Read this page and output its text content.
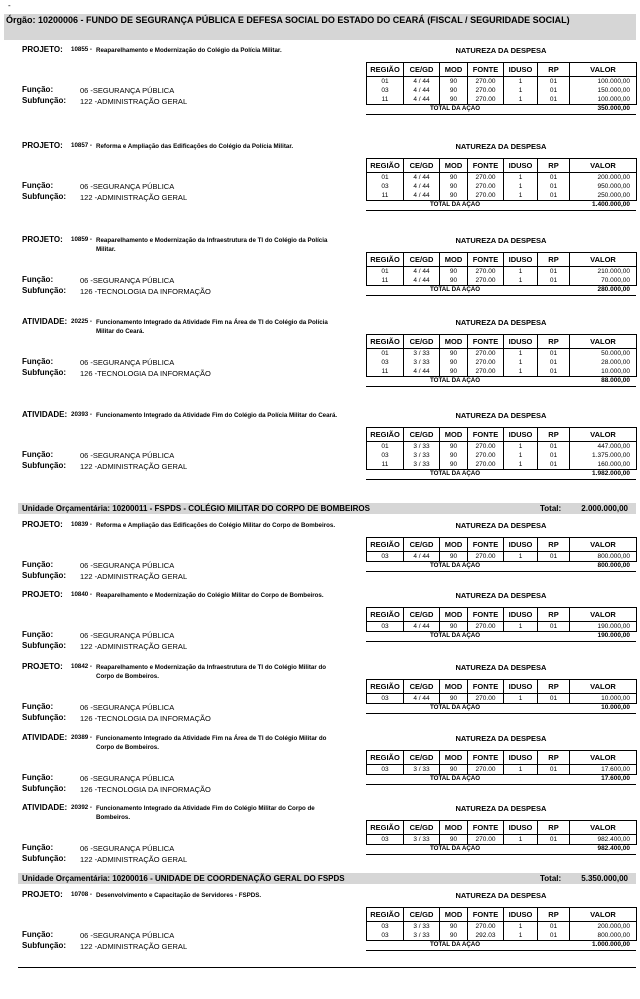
-
Órgão: 10200006 - FUNDO DE SEGURANÇA PÚBLICA E DEFESA SOCIAL DO ESTADO DO CEARÁ (FISCAL / SEGURIDADE SOCIAL)
Unidade Orçamentária: 10200011 - FSPDS - COLÉGIO MILITAR DO CORPO DE BOMBEIROS	Total:	2.000.000,00
Unidade Orçamentária: 10200016 - UNIDADE DE COORDENAÇÃO GERAL DO FSPDS	Total:	5.350.000,00
PROJETO: 10855 - Reaparelhamento e Modernização do Colégio da Polícia Militar.	NATUREZA DA DESPESA
REGIÃO	CE/GD	MOD	FONTE	IDUSO	RP	VALOR
01	4 / 44	90	270.00	1	01	100.000,00
03	4 / 44	90	270.00	1	01	150.000,00
11	4 / 44	90	270.00	1	01	100.000,00
TOTAL DA AÇÃO	350.000,00
Função:	06 -SEGURANÇA PÚBLICA
Subfunção: 122 -ADMINISTRAÇÃO GERAL
PROJETO: 10857 - Reforma e Ampliação das Edificações do Colégio da Polícia Militar.	NATUREZA DA DESPESA
REGIÃO	CE/GD	MOD	FONTE	IDUSO	RP	VALOR
01	4 / 44	90	270.00	1	01	200.000,00
03	4 / 44	90	270.00	1	01	950.000,00
11	4 / 44	90	270.00	1	01	250.000,00
TOTAL DA AÇÃO	1.400.000,00
Função:	06 -SEGURANÇA PÚBLICA
Subfunção: 122 -ADMINISTRAÇÃO GERAL
PROJETO: 10859 - Reaparelhamento e Modernização da Infraestrutura de TI do Colégio da Polícia Militar.
NATUREZA DA DESPESA
REGIÃO	CE/GD	MOD	FONTE	IDUSO	RP	VALOR
01	4 / 44	90	270.00	1	01	210.000,00
11	4 / 44	90	270.00	1	01	70.000,00
TOTAL DA AÇÃO	280.000,00
Função:	06 -SEGURANÇA PÚBLICA
Subfunção: 126 -TECNOLOGIA DA INFORMAÇÃO
ATIVIDADE: 20225 - Funcionamento Integrado da Atividade Fim na Área de TI do Colégio da Polícia Militar do Ceará.
NATUREZA DA DESPESA
REGIÃO	CE/GD	MOD	FONTE	IDUSO	RP	VALOR
01	3 / 33	90	270.00	1	01	50.000,00
03	3 / 33	90	270.00	1	01	28.000,00
11	4 / 44	90	270.00	1	01	10.000,00
TOTAL DA AÇÃO	88.000,00
Função:	06 -SEGURANÇA PÚBLICA
Subfunção: 126 -TECNOLOGIA DA INFORMAÇÃO
ATIVIDADE: 20393 - Funcionamento Integrado da Atividade Fim do Colégio da Polícia Militar do Ceará.	NATUREZA DA DESPESA
REGIÃO	CE/GD	MOD	FONTE	IDUSO	RP	VALOR
01	3 / 33	90	270.00	1	01	447.000,00
03	3 / 33	90	270.00	1	01	1.375.000,00
11	3 / 33	90	270.00	1	01	160.000,00
TOTAL DA AÇÃO	1.982.000,00
Função:	06 -SEGURANÇA PÚBLICA
Subfunção: 122 -ADMINISTRAÇÃO GERAL
PROJETO: 10839 - Reforma e Ampliação das Edificações do Colégio Militar do Corpo de Bombeiros.	NATUREZA DA DESPESA
REGIÃO	CE/GD	MOD	FONTE	IDUSO	RP	VALOR
03	4 / 44	90	270.00	1	01	800.000,00
TOTAL DA AÇÃO	800.000,00
Função:	06 -SEGURANÇA PÚBLICA
Subfunção: 122 -ADMINISTRAÇÃO GERAL
PROJETO: 10840 - Reaparelhamento e Modernização do Colégio Militar do Corpo de Bombeiros.	NATUREZA DA DESPESA
REGIÃO	CE/GD	MOD	FONTE	IDUSO	RP	VALOR
03	4 / 44	90	270.00	1	01	190.000,00
TOTAL DA AÇÃO	190.000,00
Função:	06 -SEGURANÇA PÚBLICA
Subfunção: 122 -ADMINISTRAÇÃO GERAL
PROJETO: 10842 - Reaparelhamento e Modernização da Infraestrutura de TI do Colégio Militar do Corpo de Bombeiros.
NATUREZA DA DESPESA
REGIÃO	CE/GD	MOD	FONTE	IDUSO	RP	VALOR
03	4 / 44	90	270.00	1	01	10.000,00
TOTAL DA AÇÃO	10.000,00
Função:	06 -SEGURANÇA PÚBLICA
Subfunção: 126 -TECNOLOGIA DA INFORMAÇÃO
ATIVIDADE: 20389 - Funcionamento Integrado da Atividade Fim na Área de TI do Colégio Militar do Corpo de Bombeiros.
NATUREZA DA DESPESA
REGIÃO	CE/GD	MOD	FONTE	IDUSO	RP	VALOR
03	3 / 33	90	270.00	1	01	17.600,00
TOTAL DA AÇÃO	17.600,00
Função:	06 -SEGURANÇA PÚBLICA
Subfunção: 126 -TECNOLOGIA DA INFORMAÇÃO
ATIVIDADE: 20392 - Funcionamento Integrado da Atividade Fim do Colégio Militar do Corpo de Bombeiros.
NATUREZA DA DESPESA
REGIÃO	CE/GD	MOD	FONTE	IDUSO	RP	VALOR
03	3 / 33	90	270.00	1	01	982.400,00
TOTAL DA AÇÃO	982.400,00
Função:	06 -SEGURANÇA PÚBLICA
Subfunção: 122 -ADMINISTRAÇÃO GERAL
PROJETO: 10708 - Desenvolvimento e Capacitação de Servidores - FSPDS.	NATUREZA DA DESPESA
REGIÃO	CE/GD	MOD	FONTE	IDUSO	RP	VALOR
03	3 / 33	90	270.00	1	01	200.000,00
03	3 / 33	90	292.03	1	01	800.000,00
TOTAL DA AÇÃO	1.000.000,00
Função:	06 -SEGURANÇA PÚBLICA
Subfunção: 122 -ADMINISTRAÇÃO GERAL
